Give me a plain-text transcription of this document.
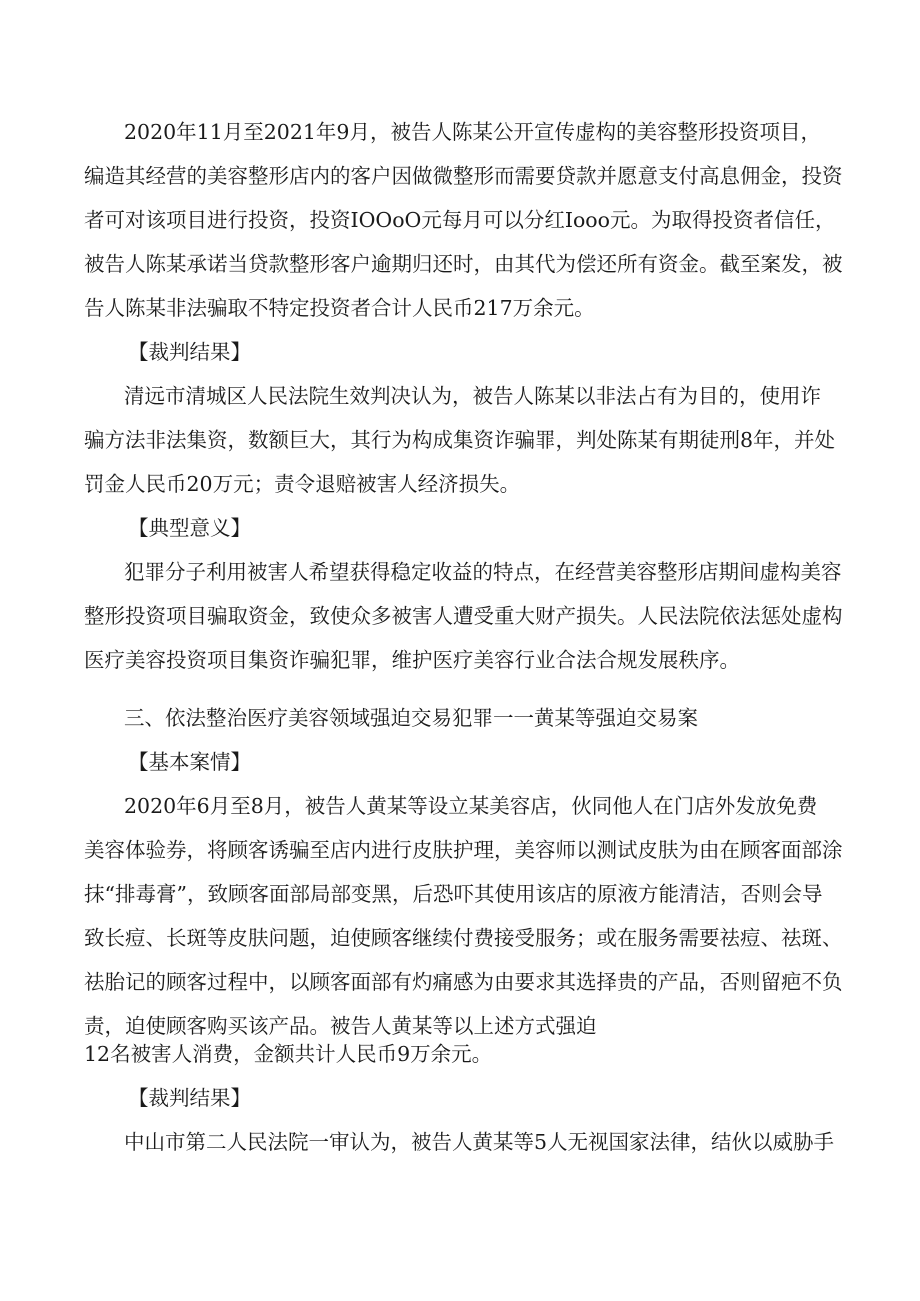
2020年11月至2021年9月，被告人陈某公开宣传虚构的美容整形投资项目，
编造其经营的美容整形店内的客户因做微整形而需要贷款并愿意支付高息佣金，投资
者可对该项目进行投资，投资IOOoO元每月可以分红Iooo元。为取得投资者信任，
被告人陈某承诺当贷款整形客户逾期归还时，由其代为偿还所有资金。截至案发，被
告人陈某非法骗取不特定投资者合计人民币217万余元。
【裁判结果】
清远市清城区人民法院生效判决认为，被告人陈某以非法占有为目的，使用诈
骗方法非法集资，数额巨大，其行为构成集资诈骗罪，判处陈某有期徒刑8年，并处
罚金人民币20万元；责令退赔被害人经济损失。
【典型意义】
犯罪分子利用被害人希望获得稳定收益的特点，在经营美容整形店期间虚构美容
整形投资项目骗取资金，致使众多被害人遭受重大财产损失。人民法院依法惩处虚构
医疗美容投资项目集资诈骗犯罪，维护医疗美容行业合法合规发展秩序。
三、依法整治医疗美容领域强迫交易犯罪一一黄某等强迫交易案
【基本案情】
2020年6月至8月，被告人黄某等设立某美容店，伙同他人在门店外发放免费
美容体验券，将顾客诱骗至店内进行皮肤护理，美容师以测试皮肤为由在顾客面部涂
抹“排毒膏”，致顾客面部局部变黑，后恐吓其使用该店的原液方能清洁，否则会导
致长痘、长斑等皮肤问题，迫使顾客继续付费接受服务；或在服务需要祛痘、祛斑、
祛胎记的顾客过程中，以顾客面部有灼痛感为由要求其选择贵的产品，否则留疤不负
责，迫使顾客购买该产品。被告人黄某等以上述方式强迫
12名被害人消费，金额共计人民币9万余元。
【裁判结果】
中山市第二人民法院一审认为，被告人黄某等5人无视国家法律，结伙以威胁手
